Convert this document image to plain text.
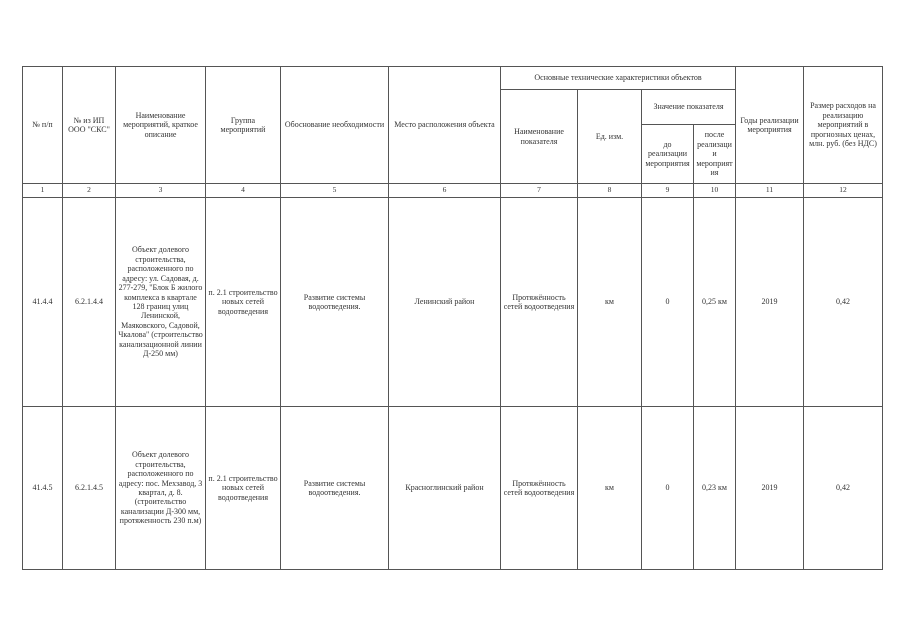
№ п/п	№ из ИП ООО "СКС"	Наименование мероприятий, краткое описание	Группа мероприятий	Обоснование необходимости	Место расположения объекта	Основные технические характеристики объектов				Годы реализации мероприятия	Размер расходов на реализацию мероприятий в прогнозных ценах, млн. руб. (без НДС)
						Наименование показателя	Ед. изм.	Значение показателя			
								до реализации мероприятия	после реализации мероприятия		
1	2	3	4	5	6	7	8	9	10	11	12
41.4.4	6.2.1.4.4	Объект долевого строительства, расположенного по адресу: ул. Садовая, д. 277-279, "Блок Б жилого комплекса в квартале 128 границ улиц Ленинской, Маяковского, Садовой, Чкалова" (строительство канализационной линии Д-250 мм)	п. 2.1 строительство новых сетей водоотведения	Развитие системы водоотведения.	Ленинский район	Протяжённость сетей водоотведения	км	0	0,25 км	2019	0,42
41.4.5	6.2.1.4.5	Объект долевого строительства, расположенного по адресу: пос. Мехзавод, 3 квартал, д. 8. (строительство канализации Д-300 мм, протяженность 230 п.м)	п. 2.1 строительство новых сетей водоотведения	Развитие системы водоотведения.	Красноглинский район	Протяжённость сетей водоотведения	км	0	0,23 км	2019	0,42
